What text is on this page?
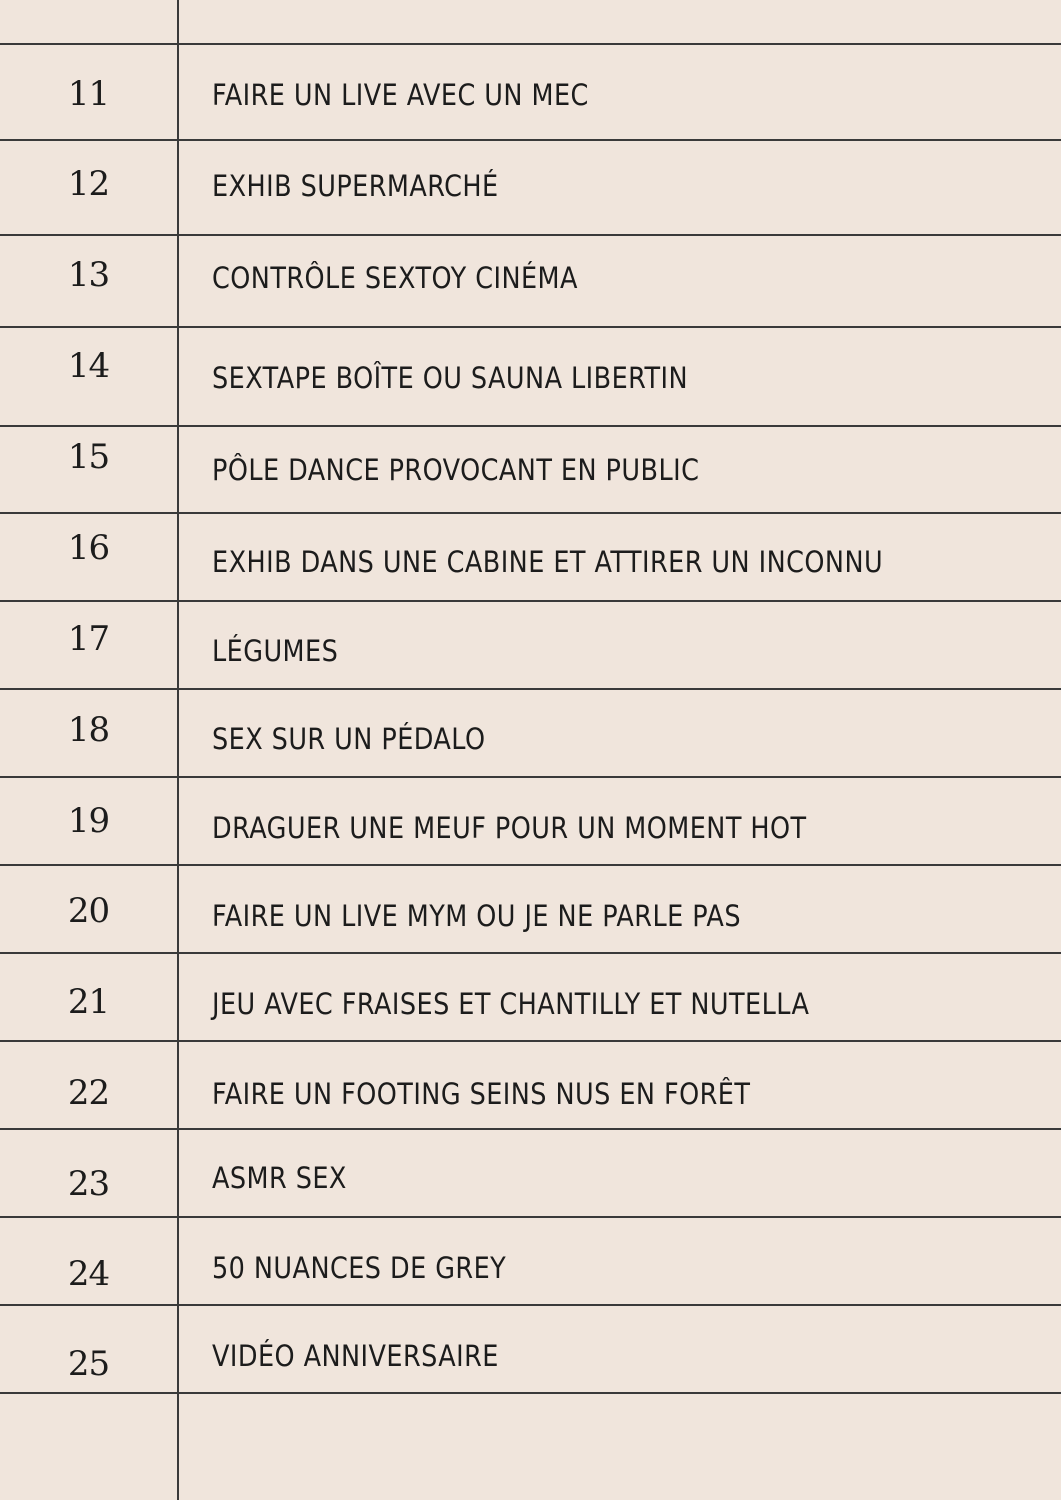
11	FAIRE UN LIVE AVEC UN MEC
12	EXHIB SUPERMARCHÉ
13	CONTRÔLE SEXTOY CINÉMA
14	SEXTAPE BOÎTE OU SAUNA LIBERTIN
15	PÔLE DANCE PROVOCANT EN PUBLIC
16	EXHIB DANS UNE CABINE ET ATTIRER UN INCONNU
17	LÉGUMES
18	SEX SUR UN PÉDALO
19	DRAGUER UNE MEUF POUR UN MOMENT HOT
20	FAIRE UN LIVE MYM OU JE NE PARLE PAS
21	JEU AVEC FRAISES ET CHANTILLY ET NUTELLA
22	FAIRE UN FOOTING SEINS NUS EN FORÊT
23	ASMR SEX
24	50 NUANCES DE GREY
25	VIDÉO ANNIVERSAIRE
